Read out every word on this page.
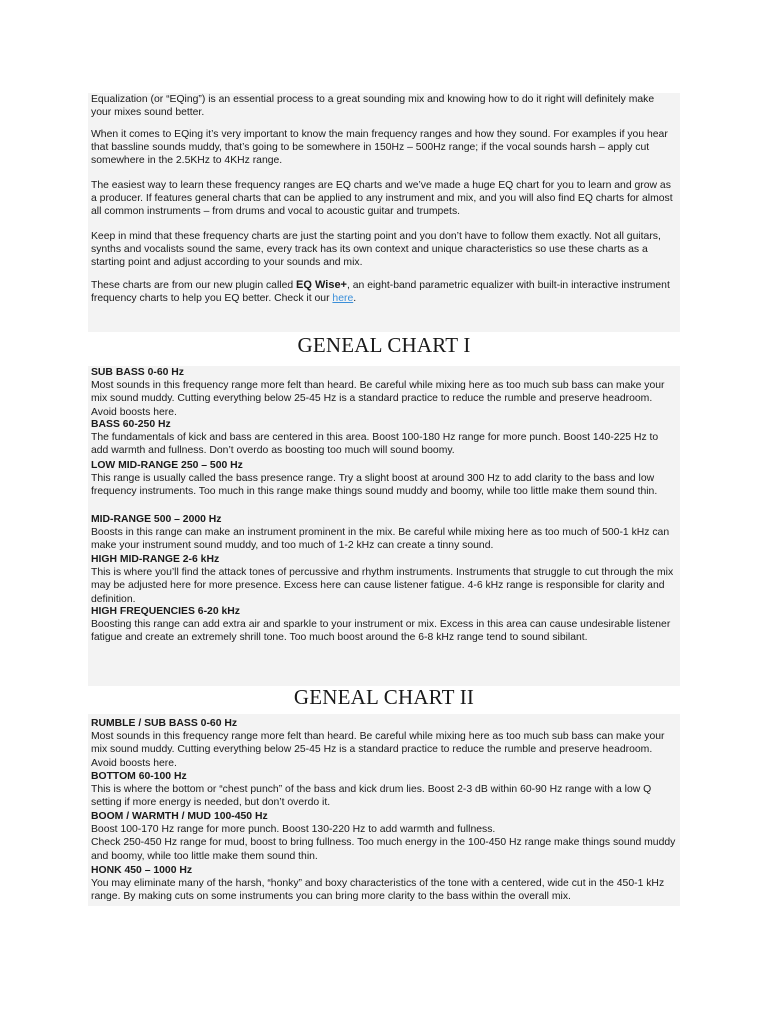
Equalization (or “EQing”) is an essential process to a great sounding mix and knowing how to do it right will definitely make your mixes sound better.

When it comes to EQing it’s very important to know the main frequency ranges and how they sound. For examples if you hear that bassline sounds muddy, that’s going to be somewhere in 150Hz – 500Hz range; if the vocal sounds harsh – apply cut somewhere in the 2.5KHz to 4KHz range.

The easiest way to learn these frequency ranges are EQ charts and we’ve made a huge EQ chart for you to learn and grow as a producer. If features general charts that can be applied to any instrument and mix, and you will also find EQ charts for almost all common instruments – from drums and vocal to acoustic guitar and trumpets.

Keep in mind that these frequency charts are just the starting point and you don’t have to follow them exactly. Not all guitars, synths and vocalists sound the same, every track has its own context and unique characteristics so use these charts as a starting point and adjust according to your sounds and mix.

These charts are from our new plugin called EQ Wise+, an eight-band parametric equalizer with built-in interactive instrument frequency charts to help you EQ better. Check it our here.

GENEAL CHART I

SUB BASS 0-60 Hz

Most sounds in this frequency range more felt than heard. Be careful while mixing here as too much sub bass can make your mix sound muddy. Cutting everything below 25-45 Hz is a standard practice to reduce the rumble and preserve headroom. Avoid boosts here.

BASS 60-250 Hz

The fundamentals of kick and bass are centered in this area. Boost 100-180 Hz range for more punch. Boost 140-225 Hz to add warmth and fullness. Don’t overdo as boosting too much will sound boomy.

LOW MID-RANGE 250 – 500 Hz

This range is usually called the bass presence range. Try a slight boost at around 300 Hz to add clarity to the bass and low frequency instruments. Too much in this range make things sound muddy and boomy, while too little make them sound thin.

MID-RANGE 500 – 2000 Hz

Boosts in this range can make an instrument prominent in the mix. Be careful while mixing here as too much of 500-1 kHz can make your instrument sound muddy, and too much of 1-2 kHz can create a tinny sound.

HIGH MID-RANGE 2-6 kHz

This is where you’ll find the attack tones of percussive and rhythm instruments. Instruments that struggle to cut through the mix may be adjusted here for more presence. Excess here can cause listener fatigue. 4-6 kHz range is responsible for clarity and definition.

HIGH FREQUENCIES 6-20 kHz

Boosting this range can add extra air and sparkle to your instrument or mix. Excess in this area can cause undesirable listener fatigue and create an extremely shrill tone. Too much boost around the 6-8 kHz range tend to sound sibilant.

GENEAL CHART II

RUMBLE / SUB BASS 0-60 Hz

Most sounds in this frequency range more felt than heard. Be careful while mixing here as too much sub bass can make your mix sound muddy. Cutting everything below 25-45 Hz is a standard practice to reduce the rumble and preserve headroom. Avoid boosts here.

BOTTOM 60-100 Hz

This is where the bottom or “chest punch” of the bass and kick drum lies. Boost 2-3 dB within 60-90 Hz range with a low Q setting if more energy is needed, but don’t overdo it.

BOOM / WARMTH / MUD 100-450 Hz

Boost 100-170 Hz range for more punch. Boost 130-220 Hz to add warmth and fullness.

Check 250-450 Hz range for mud, boost to bring fullness. Too much energy in the 100-450 Hz range make things sound muddy and boomy, while too little make them sound thin.

HONK 450 – 1000 Hz

You may eliminate many of the harsh, “honky” and boxy characteristics of the tone with a centered, wide cut in the 450-1 kHz range. By making cuts on some instruments you can bring more clarity to the bass within the overall mix.
